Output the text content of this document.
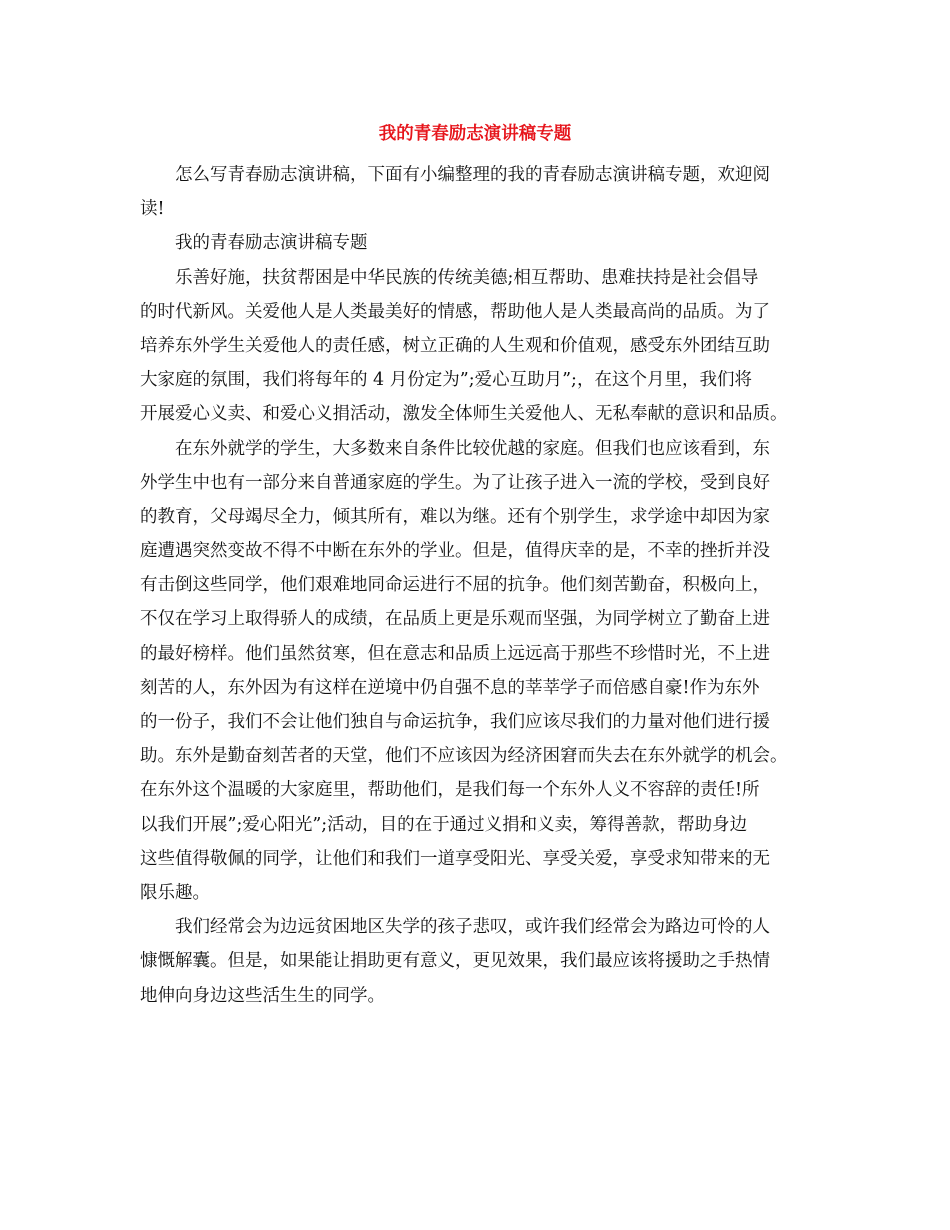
我的青春励志演讲稿专题
怎么写青春励志演讲稿，下面有小编整理的我的青春励志演讲稿专题，欢迎阅
读!
我的青春励志演讲稿专题
乐善好施，扶贫帮困是中华民族的传统美德;相互帮助、患难扶持是社会倡导
的时代新风。关爱他人是人类最美好的情感，帮助他人是人类最高尚的品质。为了
培养东外学生关爱他人的责任感，树立正确的人生观和价值观，感受东外团结互助
大家庭的氛围，我们将每年的 4 月份定为”;爱心互助月”;，在这个月里，我们将
开展爱心义卖、和爱心义捐活动，激发全体师生关爱他人、无私奉献的意识和品质。
在东外就学的学生，大多数来自条件比较优越的家庭。但我们也应该看到，东
外学生中也有一部分来自普通家庭的学生。为了让孩子进入一流的学校，受到良好
的教育，父母竭尽全力，倾其所有，难以为继。还有个别学生，求学途中却因为家
庭遭遇突然变故不得不中断在东外的学业。但是，值得庆幸的是，不幸的挫折并没
有击倒这些同学，他们艰难地同命运进行不屈的抗争。他们刻苦勤奋，积极向上，
不仅在学习上取得骄人的成绩，在品质上更是乐观而坚强，为同学树立了勤奋上进
的最好榜样。他们虽然贫寒，但在意志和品质上远远高于那些不珍惜时光，不上进
刻苦的人，东外因为有这样在逆境中仍自强不息的莘莘学子而倍感自豪!作为东外
的一份子，我们不会让他们独自与命运抗争，我们应该尽我们的力量对他们进行援
助。东外是勤奋刻苦者的天堂，他们不应该因为经济困窘而失去在东外就学的机会。
在东外这个温暖的大家庭里，帮助他们，是我们每一个东外人义不容辞的责任!所
以我们开展”;爱心阳光”;活动，目的在于通过义捐和义卖，筹得善款，帮助身边
这些值得敬佩的同学，让他们和我们一道享受阳光、享受关爱，享受求知带来的无
限乐趣。
我们经常会为边远贫困地区失学的孩子悲叹，或许我们经常会为路边可怜的人
慷慨解囊。但是，如果能让捐助更有意义，更见效果，我们最应该将援助之手热情
地伸向身边这些活生生的同学。
